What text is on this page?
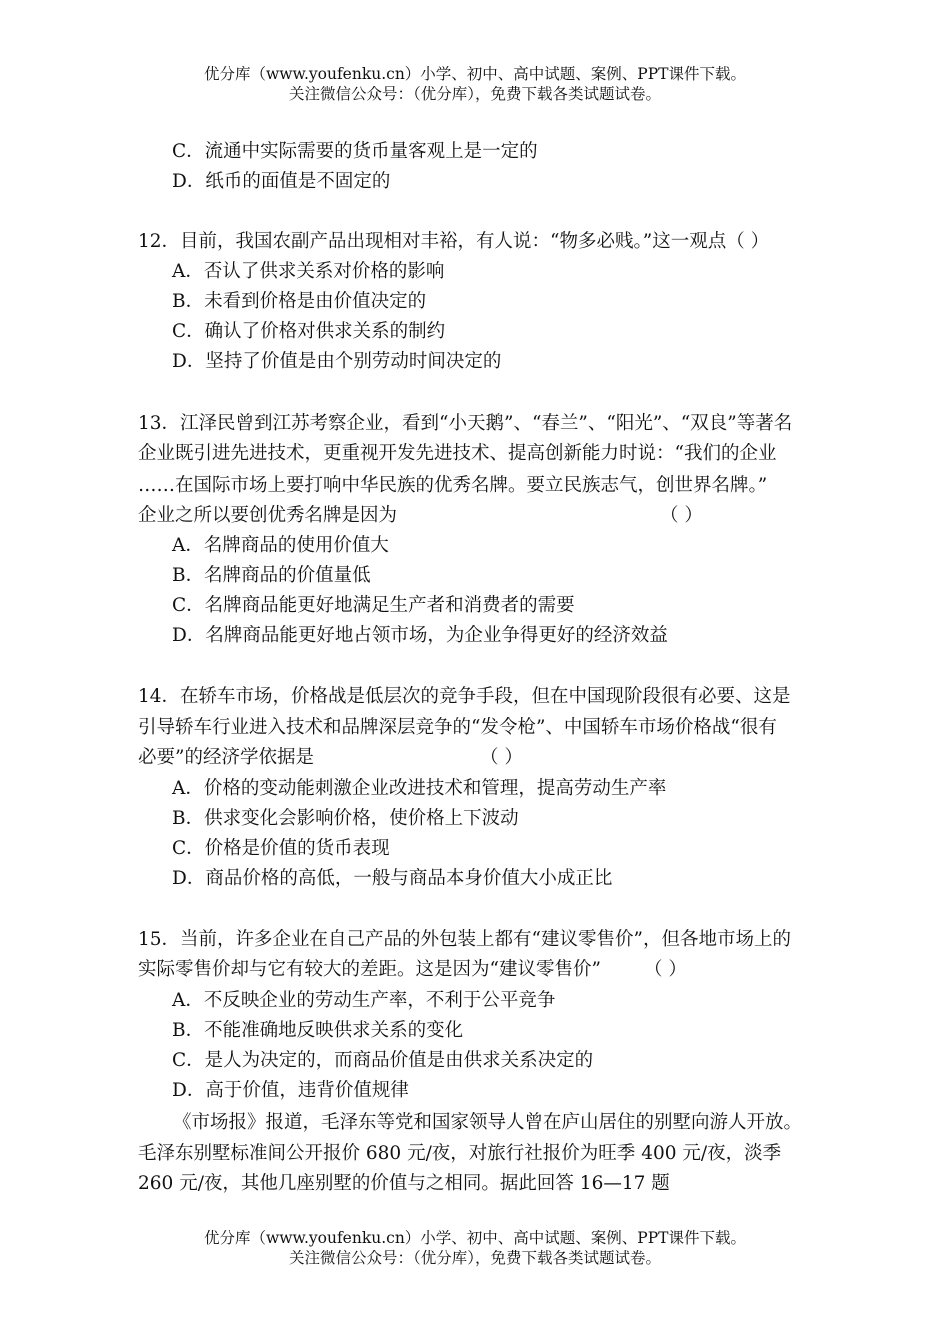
优分库（www.youfenku.cn）小学、初中、高中试题、案例、PPT课件下载。
关注微信公众号：（优分库），免费下载各类试题试卷。
C．流通中实际需要的货币量客观上是一定的
D．纸币的面值是不固定的
12．目前，我国农副产品出现相对丰裕，有人说：“物多必贱。”这一观点（ ）
A．否认了供求关系对价格的影响
B．未看到价格是由价值决定的
C．确认了价格对供求关系的制约
D．坚持了价值是由个别劳动时间决定的
13．江泽民曾到江苏考察企业，看到“小天鹅”、“春兰”、“阳光”、“双良”等著名
企业既引进先进技术，更重视开发先进技术、提高创新能力时说：“我们的企业
……在国际市场上要打响中华民族的优秀名牌。要立民族志气，创世界名牌。”
企业之所以要创优秀名牌是因为	（ ）
A．名牌商品的使用价值大
B．名牌商品的价值量低
C．名牌商品能更好地满足生产者和消费者的需要
D．名牌商品能更好地占领市场，为企业争得更好的经济效益
14．在轿车市场，价格战是低层次的竞争手段，但在中国现阶段很有必要、这是
引导轿车行业进入技术和品牌深层竞争的“发令枪”、中国轿车市场价格战“很有
必要”的经济学依据是	（ ）
A．价格的变动能刺激企业改进技术和管理，提高劳动生产率
B．供求变化会影响价格，使价格上下波动
C．价格是价值的货币表现
D．商品价格的高低，一般与商品本身价值大小成正比
15．当前，许多企业在自己产品的外包装上都有“建议零售价”，但各地市场上的
实际零售价却与它有较大的差距。这是因为“建议零售价” （ ）
A．不反映企业的劳动生产率，不利于公平竞争
B．不能准确地反映供求关系的变化
C．是人为决定的，而商品价值是由供求关系决定的
D．高于价值，违背价值规律
《市场报》报道，毛泽东等党和国家领导人曾在庐山居住的别墅向游人开放。
毛泽东别墅标准间公开报价 680 元/夜，对旅行社报价为旺季 400 元/夜，淡季
260 元/夜，其他几座别墅的价值与之相同。据此回答 16—17 题
优分库（www.youfenku.cn）小学、初中、高中试题、案例、PPT课件下载。
关注微信公众号：（优分库），免费下载各类试题试卷。
